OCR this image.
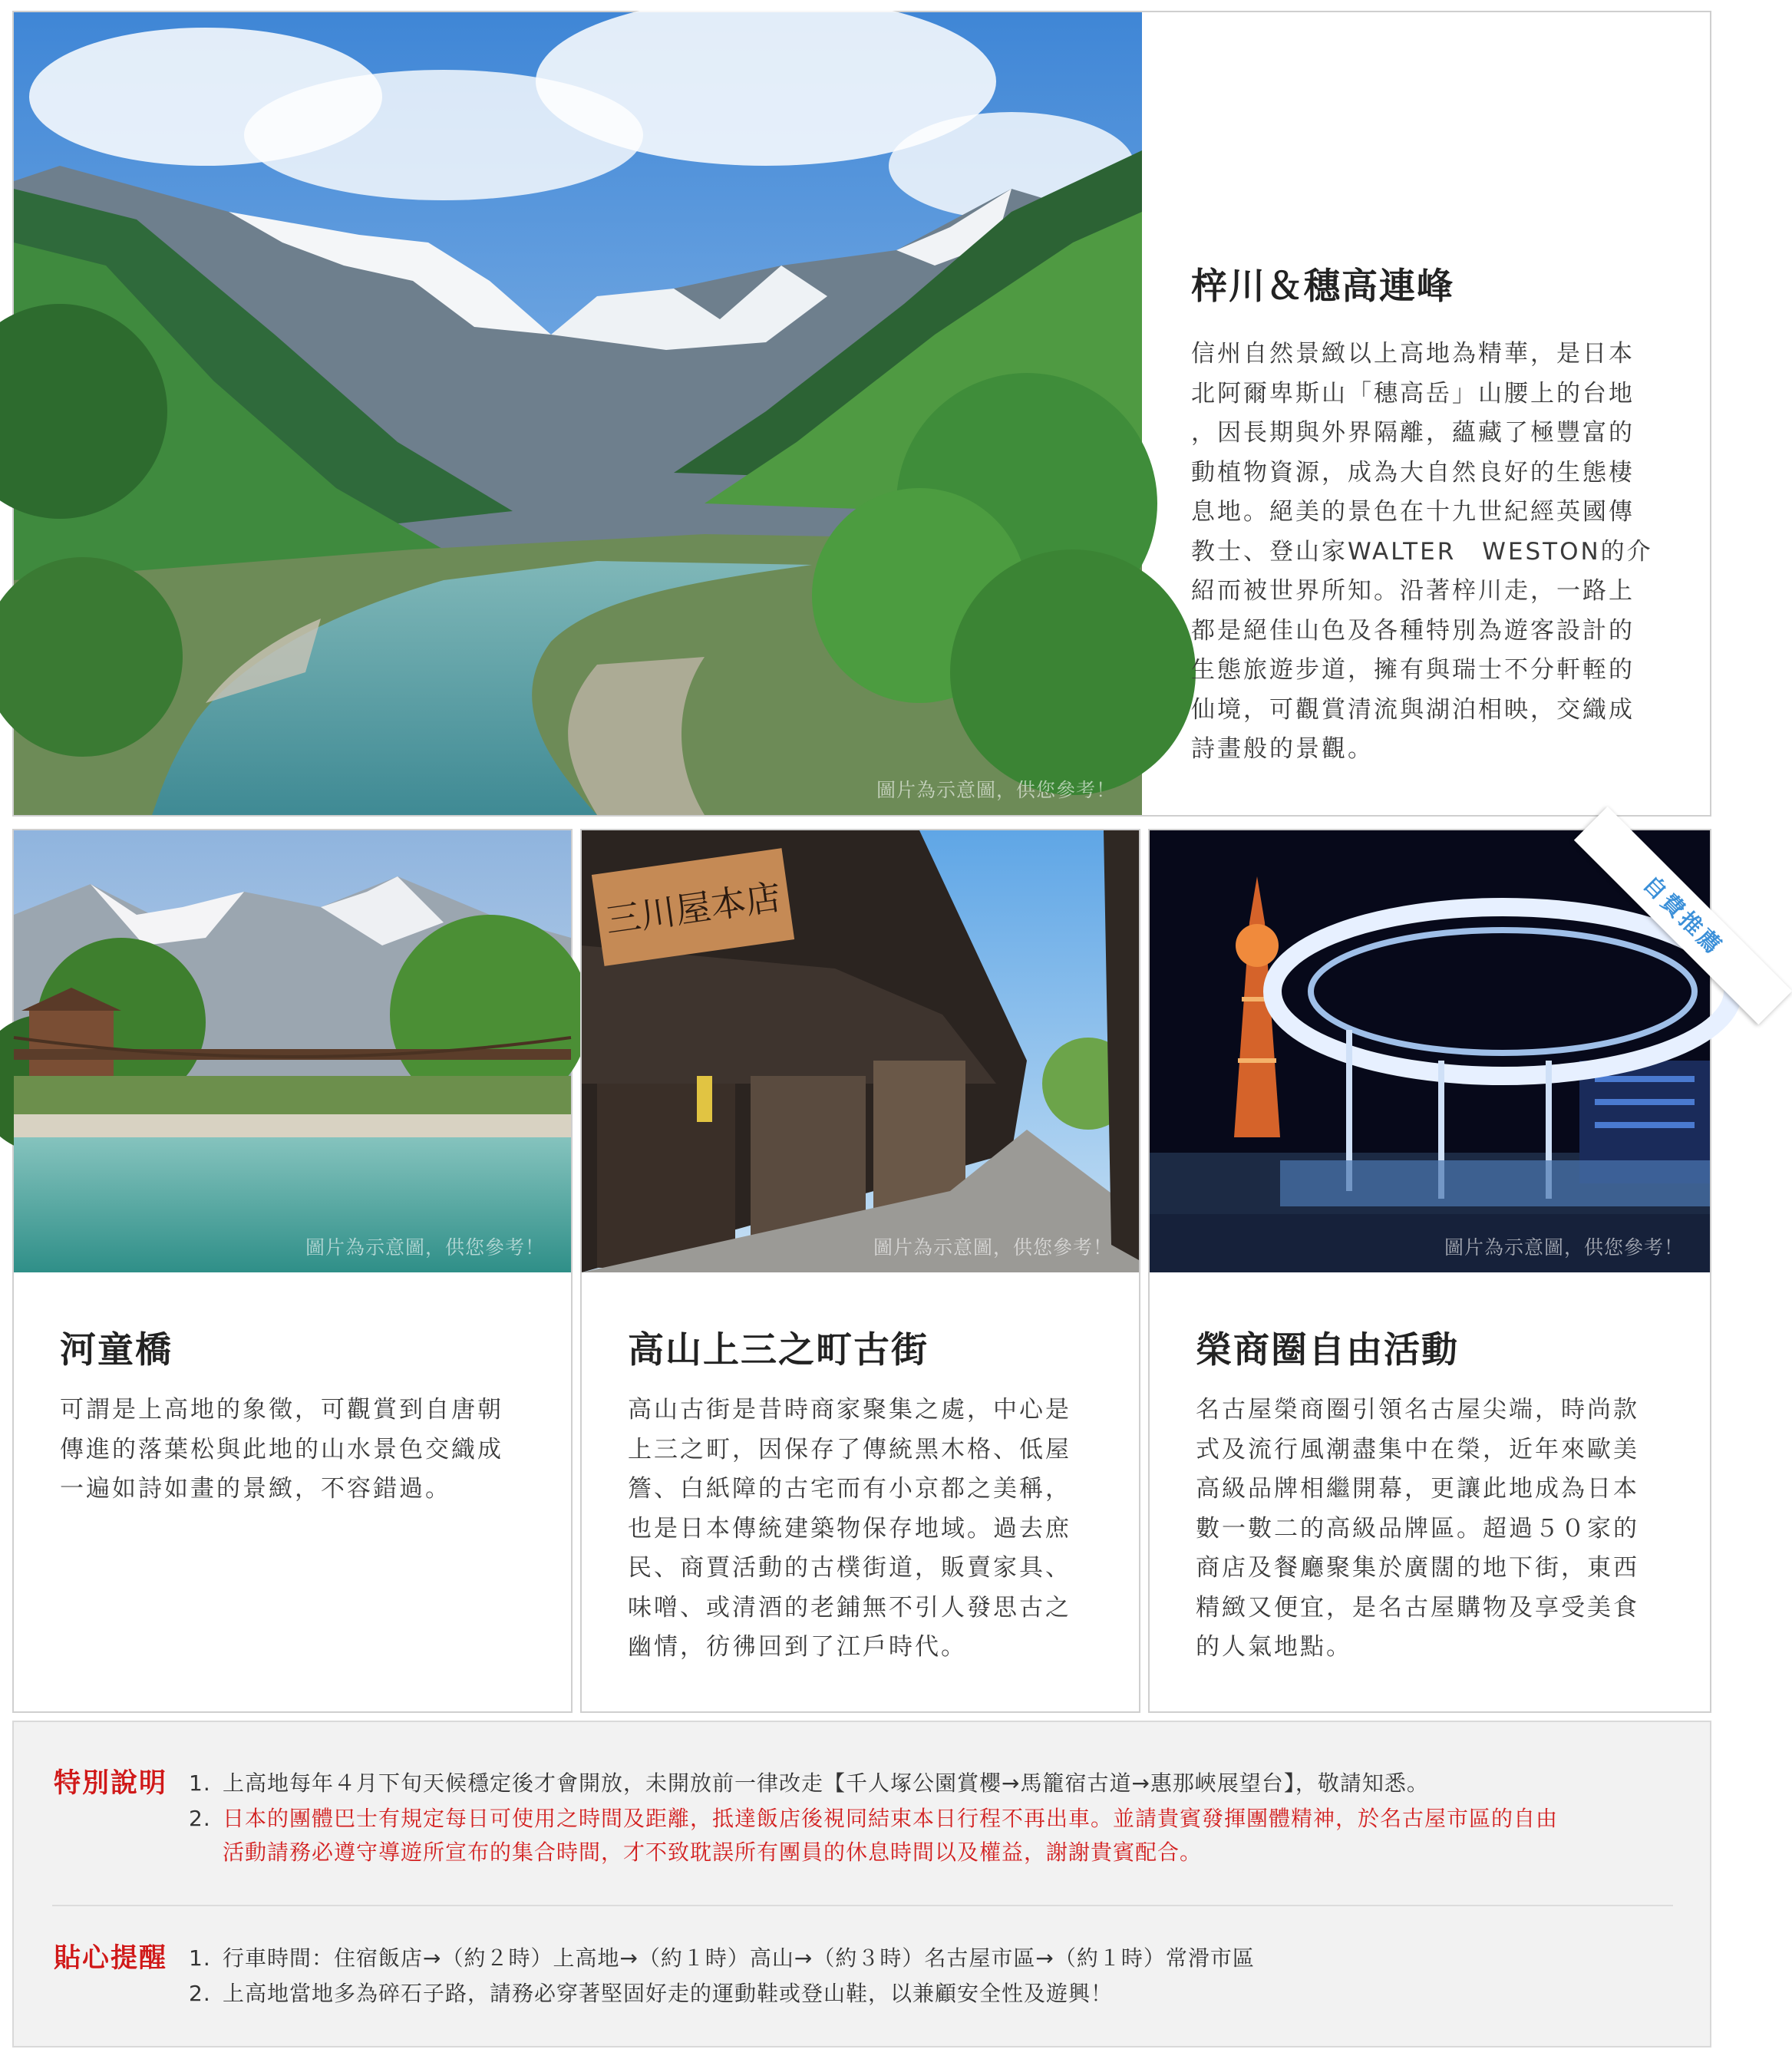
圖片為示意圖，供您參考！
梓川＆穗高連峰
信州自然景緻以上高地為精華，是日本
北阿爾卑斯山「穗高岳」山腰上的台地
，因長期與外界隔離，蘊藏了極豐富的
動植物資源，成為大自然良好的生態棲
息地。絕美的景色在十九世紀經英國傳
教士、登山家WALTER　WESTON的介
紹而被世界所知。沿著梓川走，一路上
都是絕佳山色及各種特別為遊客設計的
生態旅遊步道，擁有與瑞士不分軒輊的
仙境，可觀賞清流與湖泊相映，交織成
詩畫般的景觀。
圖片為示意圖，供您參考！
河童橋
可謂是上高地的象徵，可觀賞到自唐朝
傳進的落葉松與此地的山水景色交織成
一遍如詩如畫的景緻，不容錯過。
三川屋本店
圖片為示意圖，供您參考！
高山上三之町古街
高山古街是昔時商家聚集之處，中心是
上三之町，因保存了傳統黑木格、低屋
簷、白紙障的古宅而有小京都之美稱，
也是日本傳統建築物保存地域。過去庶
民、商賈活動的古樸街道，販賣家具、
味噌、或清酒的老鋪無不引人發思古之
幽情，彷彿回到了江戶時代。
自費推薦
圖片為示意圖，供您參考！
榮商圈自由活動
名古屋榮商圈引領名古屋尖端，時尚款
式及流行風潮盡集中在榮，近年來歐美
高級品牌相繼開幕，更讓此地成為日本
數一數二的高級品牌區。超過５０家的
商店及餐廳聚集於廣闊的地下街，東西
精緻又便宜，是名古屋購物及享受美食
的人氣地點。
特別說明 1. 上高地每年４月下旬天候穩定後才會開放，未開放前一律改走【千人塚公園賞櫻→馬籠宿古道→惠那峽展望台】，敬請知悉。
2. 日本的團體巴士有規定每日可使用之時間及距離，抵達飯店後視同結束本日行程不再出車。並請貴賓發揮團體精神，於名古屋市區的自由
活動請務必遵守導遊所宣布的集合時間，才不致耽誤所有團員的休息時間以及權益，謝謝貴賓配合。
貼心提醒 1. 行車時間：住宿飯店→（約２時）上高地→（約１時）高山→（約３時）名古屋市區→（約１時）常滑市區
2. 上高地當地多為碎石子路，請務必穿著堅固好走的運動鞋或登山鞋，以兼顧安全性及遊興！
